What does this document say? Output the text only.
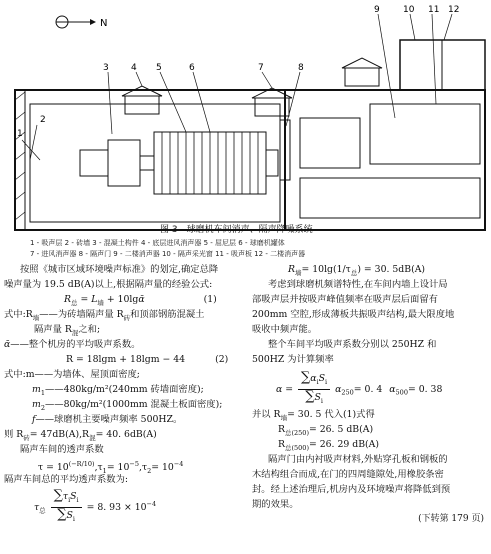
N
1
2
3 4 5	6	7	8
9	10 11 12
图 3　球磨机车间消声、隔声降噪系统
1 - 吸声层 2 - 砖墙 3 - 混凝土构件 4 - 底层进风消声器 5 - 屈尼层 6 - 球磨机罐体
7 - 进风消声器 8 - 隔声门 9 - 二楼消声器 10 - 隔声采光窗 11 - 吸声板 12 - 二楼消声器
按照《城市区域环境噪声标准》的划定,确定总降
噪声量为 19.5 dB(A)以上,根据隔声量的经验公式:
$R_总 = L_墙$ + 10lgᾱ	(1)
式中$:R_墙——$为砖墙隔声量 $R_砖$和顶部钢筋混凝土
隔声量 $R_混$之和;
ᾱ——整个机房的平均吸声系数。
R = 18lgm + 18lgm − 44	(2)
式中:m——为墙体、屋顶面密度;
$m_1——480kg/m^2(240mm$ 砖墙面密度);
$m_2——80kg/m^2(1000mm$ 混凝土板面密度);
f——球磨机主要噪声频率 500HZ。
则 $R_砖= 47dB(A),R_混= 40$. 6dB(A)
隔声车间的透声系数
$\tau = 10^{(-R/10)},\tau_1= 10^{-5},\tau_2= 10^{-4}$
隔声车间总的平均透声系数为:
$\tau_总 \frac{\sum\tau_iS_i}{\sum S_i} = 8$. $93 \times 10^{-4}$
$R_墙= 10\lg(1/\tau_总) = 30$. 5dB(A)
考虑到球磨机频谱特性,在车间内墙上设计局
部吸声层并按吸声峰值频率在吸声层后面留有
200mm 空腔,形成薄板共振吸声结构,最大限度地
吸收中频声能。
整个车间平均吸声系数分别以 250HZ 和
500HZ 为计算频率
$\alpha = \frac{\sum\alpha_iS_i}{\sum S_i} \alpha_{250}= 0$. 4 $\alpha_{500}= 0$. 38
并以 $R_墙= 30$. 5 代入(1)式得
$R_{总(250)}= 26$. 5 dB(A)
$R_{总(500)}= 26$. 29 dB(A)
隔声门由内衬吸声材料,外贴穿孔板和钢板的
木结构组合而成,在门的四周缝隙处,用橡胶条密
封。经上述治理后,机房内及环境噪声将降低到预
期的效果。
(下转第 179 页)
